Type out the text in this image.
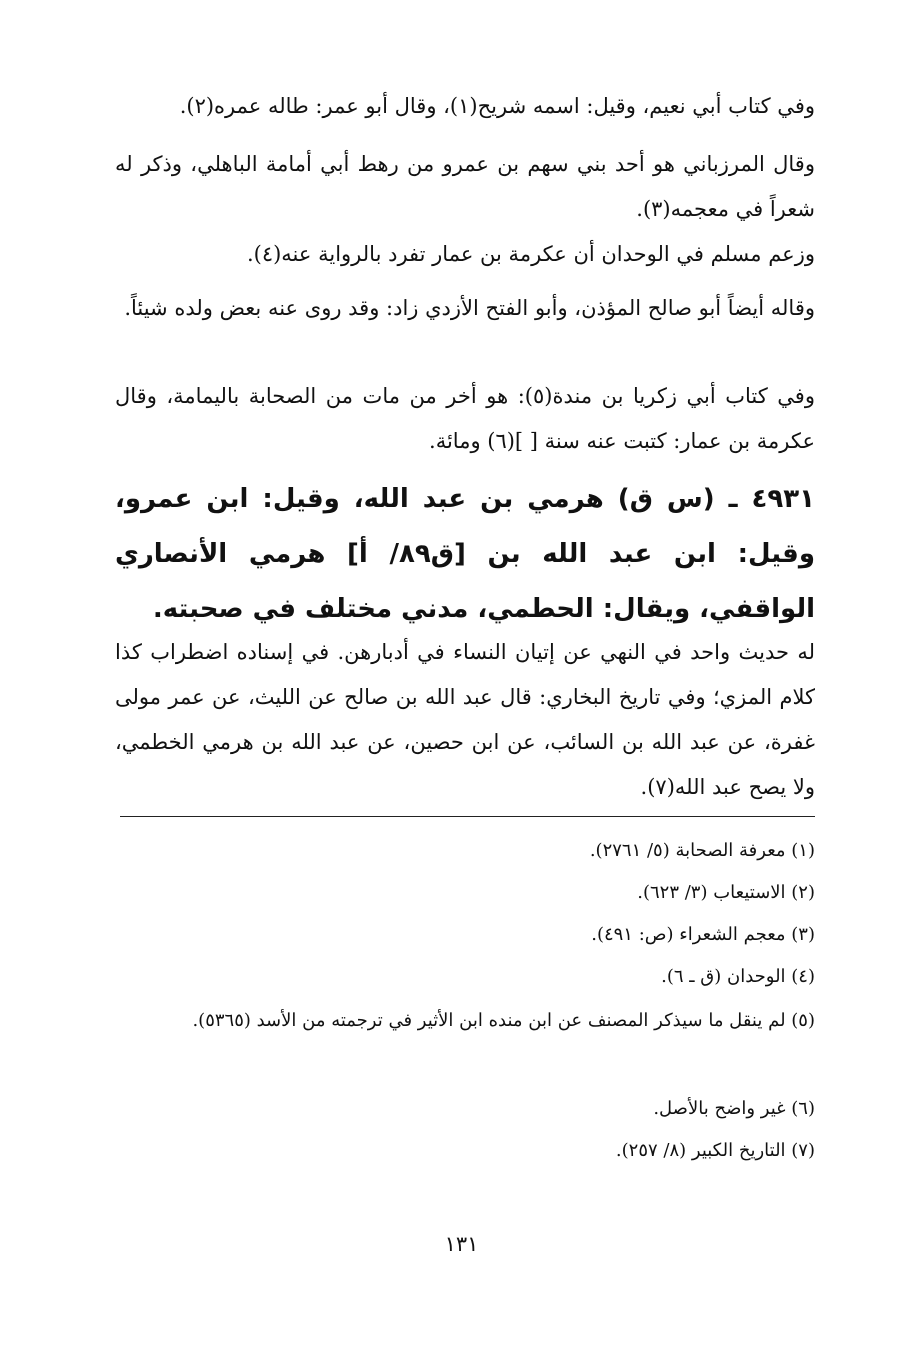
وفي كتاب أبي نعيم، وقيل: اسمه شريح(١)، وقال أبو عمر: طاله عمره(٢).
وقال المرزباني هو أحد بني سهم بن عمرو من رهط أبي أمامة الباهلي، وذكر له شعراً في معجمه(٣).
وزعم مسلم في الوحدان أن عكرمة بن عمار تفرد بالرواية عنه(٤).
وقاله أيضاً أبو صالح المؤذن، وأبو الفتح الأزدي زاد: وقد روى عنه بعض ولده شيئاً.
وفي كتاب أبي زكريا بن مندة(٥): هو أخر من مات من الصحابة باليمامة، وقال عكرمة بن عمار: كتبت عنه سنة [ ](٦) ومائة.
٤٩٣١ ـ (س ق) هرمي بن عبد الله، وقيل: ابن عمرو، وقيل: ابن عبد الله بن [ق٨٩/ أ] هرمي الأنصاري الواقفي، ويقال: الحطمي، مدني مختلف في صحبته.
له حديث واحد في النهي عن إتيان النساء في أدبارهن. في إسناده اضطراب كذا كلام المزي؛ وفي تاريخ البخاري: قال عبد الله بن صالح عن الليث، عن عمر مولى غفرة، عن عبد الله بن السائب، عن ابن حصين، عن عبد الله بن هرمي الخطمي، ولا يصح عبد الله(٧).
(١) معرفة الصحابة (٥/ ٢٧٦١).
(٢) الاستيعاب (٣/ ٦٢٣).
(٣) معجم الشعراء (ص: ٤٩١).
(٤) الوحدان (ق ـ ٦).
(٥) لم ينقل ما سيذكر المصنف عن ابن منده ابن الأثير في ترجمته من الأسد (٥٣٦٥).
(٦) غير واضح بالأصل.
(٧) التاريخ الكبير (٨/ ٢٥٧).
١٣١
